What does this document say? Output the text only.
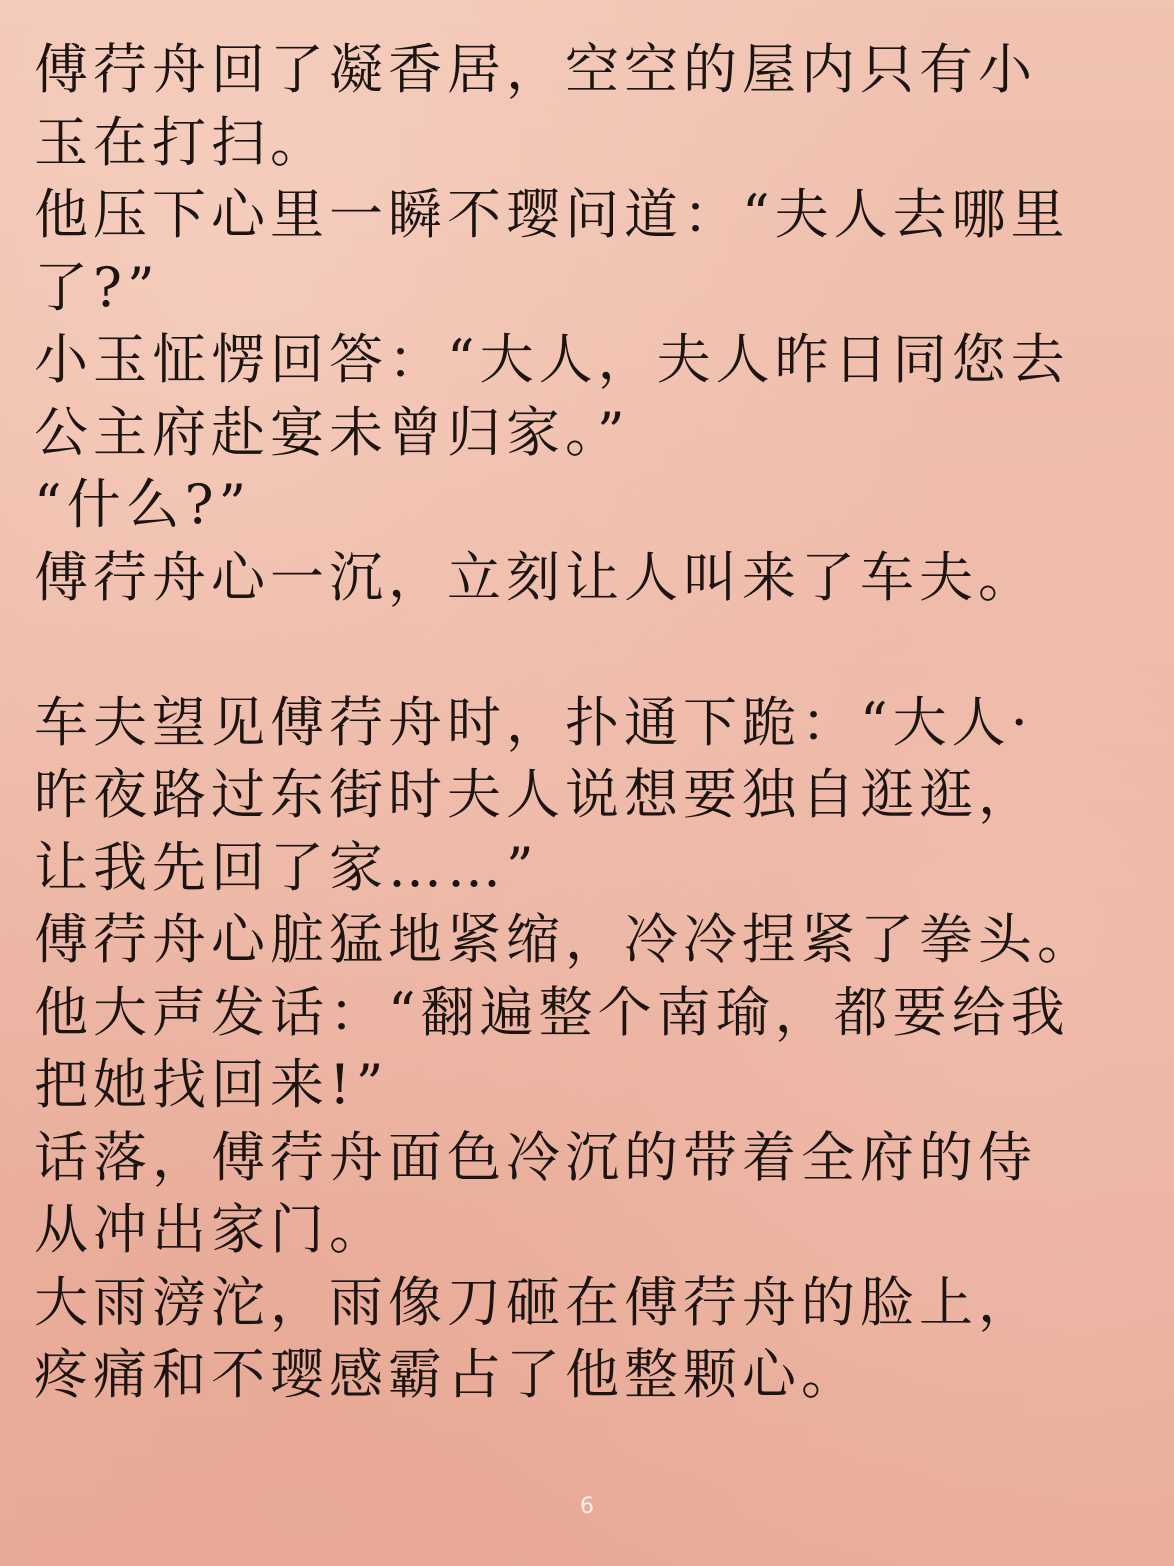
傅荇舟回了凝香居，空空的屋内只有小
玉在打扫。
他压下心里一瞬不璎问道：“夫人去哪里
了?”
小玉怔愣回答：“大人，夫人昨日同您去
公主府赴宴未曾归家。”
“什么?”
傅荇舟心一沉，立刻让人叫来了车夫。
车夫望见傅荇舟时，扑通下跪：“大人·
昨夜路过东街时夫人说想要独自逛逛，
让我先回了家……”
傅荇舟心脏猛地紧缩，冷冷捏紧了拳头。
他大声发话：“翻遍整个南瑜，都要给我
把她找回来!”
话落，傅荇舟面色冷沉的带着全府的侍
从冲出家门。
大雨滂沱，雨像刀砸在傅荇舟的脸上，
疼痛和不璎感霸占了他整颗心。
6
